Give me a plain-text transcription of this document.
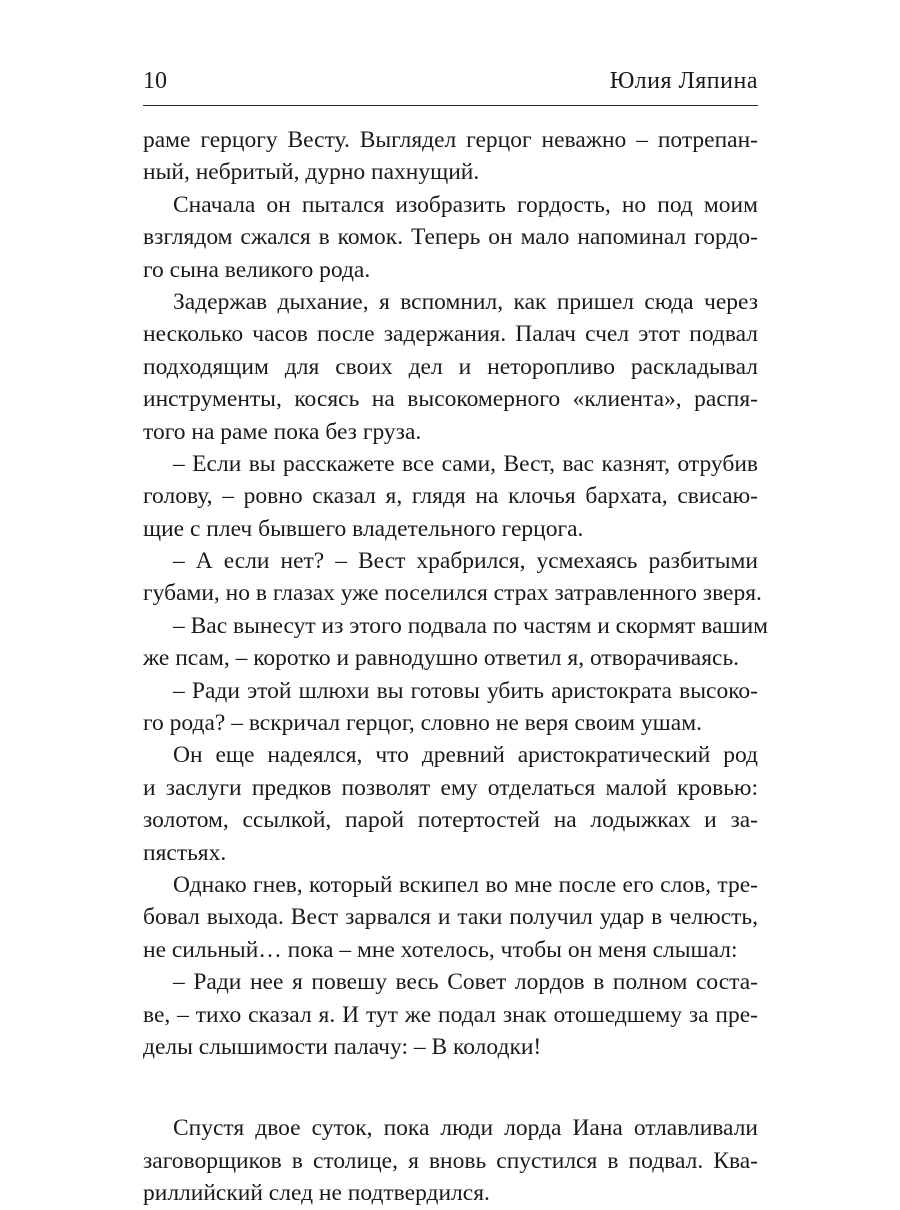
10	Юлия Ляпина
раме герцогу Весту. Выглядел герцог неважно – потрепан-
ный, небритый, дурно пахнущий.
Сначала он пытался изобразить гордость, но под моим
взглядом сжался в комок. Теперь он мало напоминал гордо-
го сына великого рода.
Задержав дыхание, я вспомнил, как пришел сюда через
несколько часов после задержания. Палач счел этот подвал
подходящим для своих дел и неторопливо раскладывал
инструменты, косясь на высокомерного «клиента», распя-
того на раме пока без груза.
– Если вы расскажете все сами, Вест, вас казнят, отрубив
голову, – ровно сказал я, глядя на клочья бархата, свисаю-
щие с плеч бывшего владетельного герцога.
– А если нет? – Вест храбрился, усмехаясь разбитыми
губами, но в глазах уже поселился страх затравленного зверя.
– Вас вынесут из этого подвала по частям и скормят вашим
же псам, – коротко и равнодушно ответил я, отворачиваясь.
– Ради этой шлюхи вы готовы убить аристократа высоко-
го рода? – вскричал герцог, словно не веря своим ушам.
Он еще надеялся, что древний аристократический род
и заслуги предков позволят ему отделаться малой кровью:
золотом, ссылкой, парой потертостей на лодыжках и за-
пястьях.
Однако гнев, который вскипел во мне после его слов, тре-
бовал выхода. Вест зарвался и таки получил удар в челюсть,
не сильный… пока – мне хотелось, чтобы он меня слышал:
– Ради нее я повешу весь Совет лордов в полном соста-
ве, – тихо сказал я. И тут же подал знак отошедшему за пре-
делы слышимости палачу: – В колодки!
Спустя двое суток, пока люди лорда Иана отлавливали
заговорщиков в столице, я вновь спустился в подвал. Ква-
риллийский след не подтвердился.
